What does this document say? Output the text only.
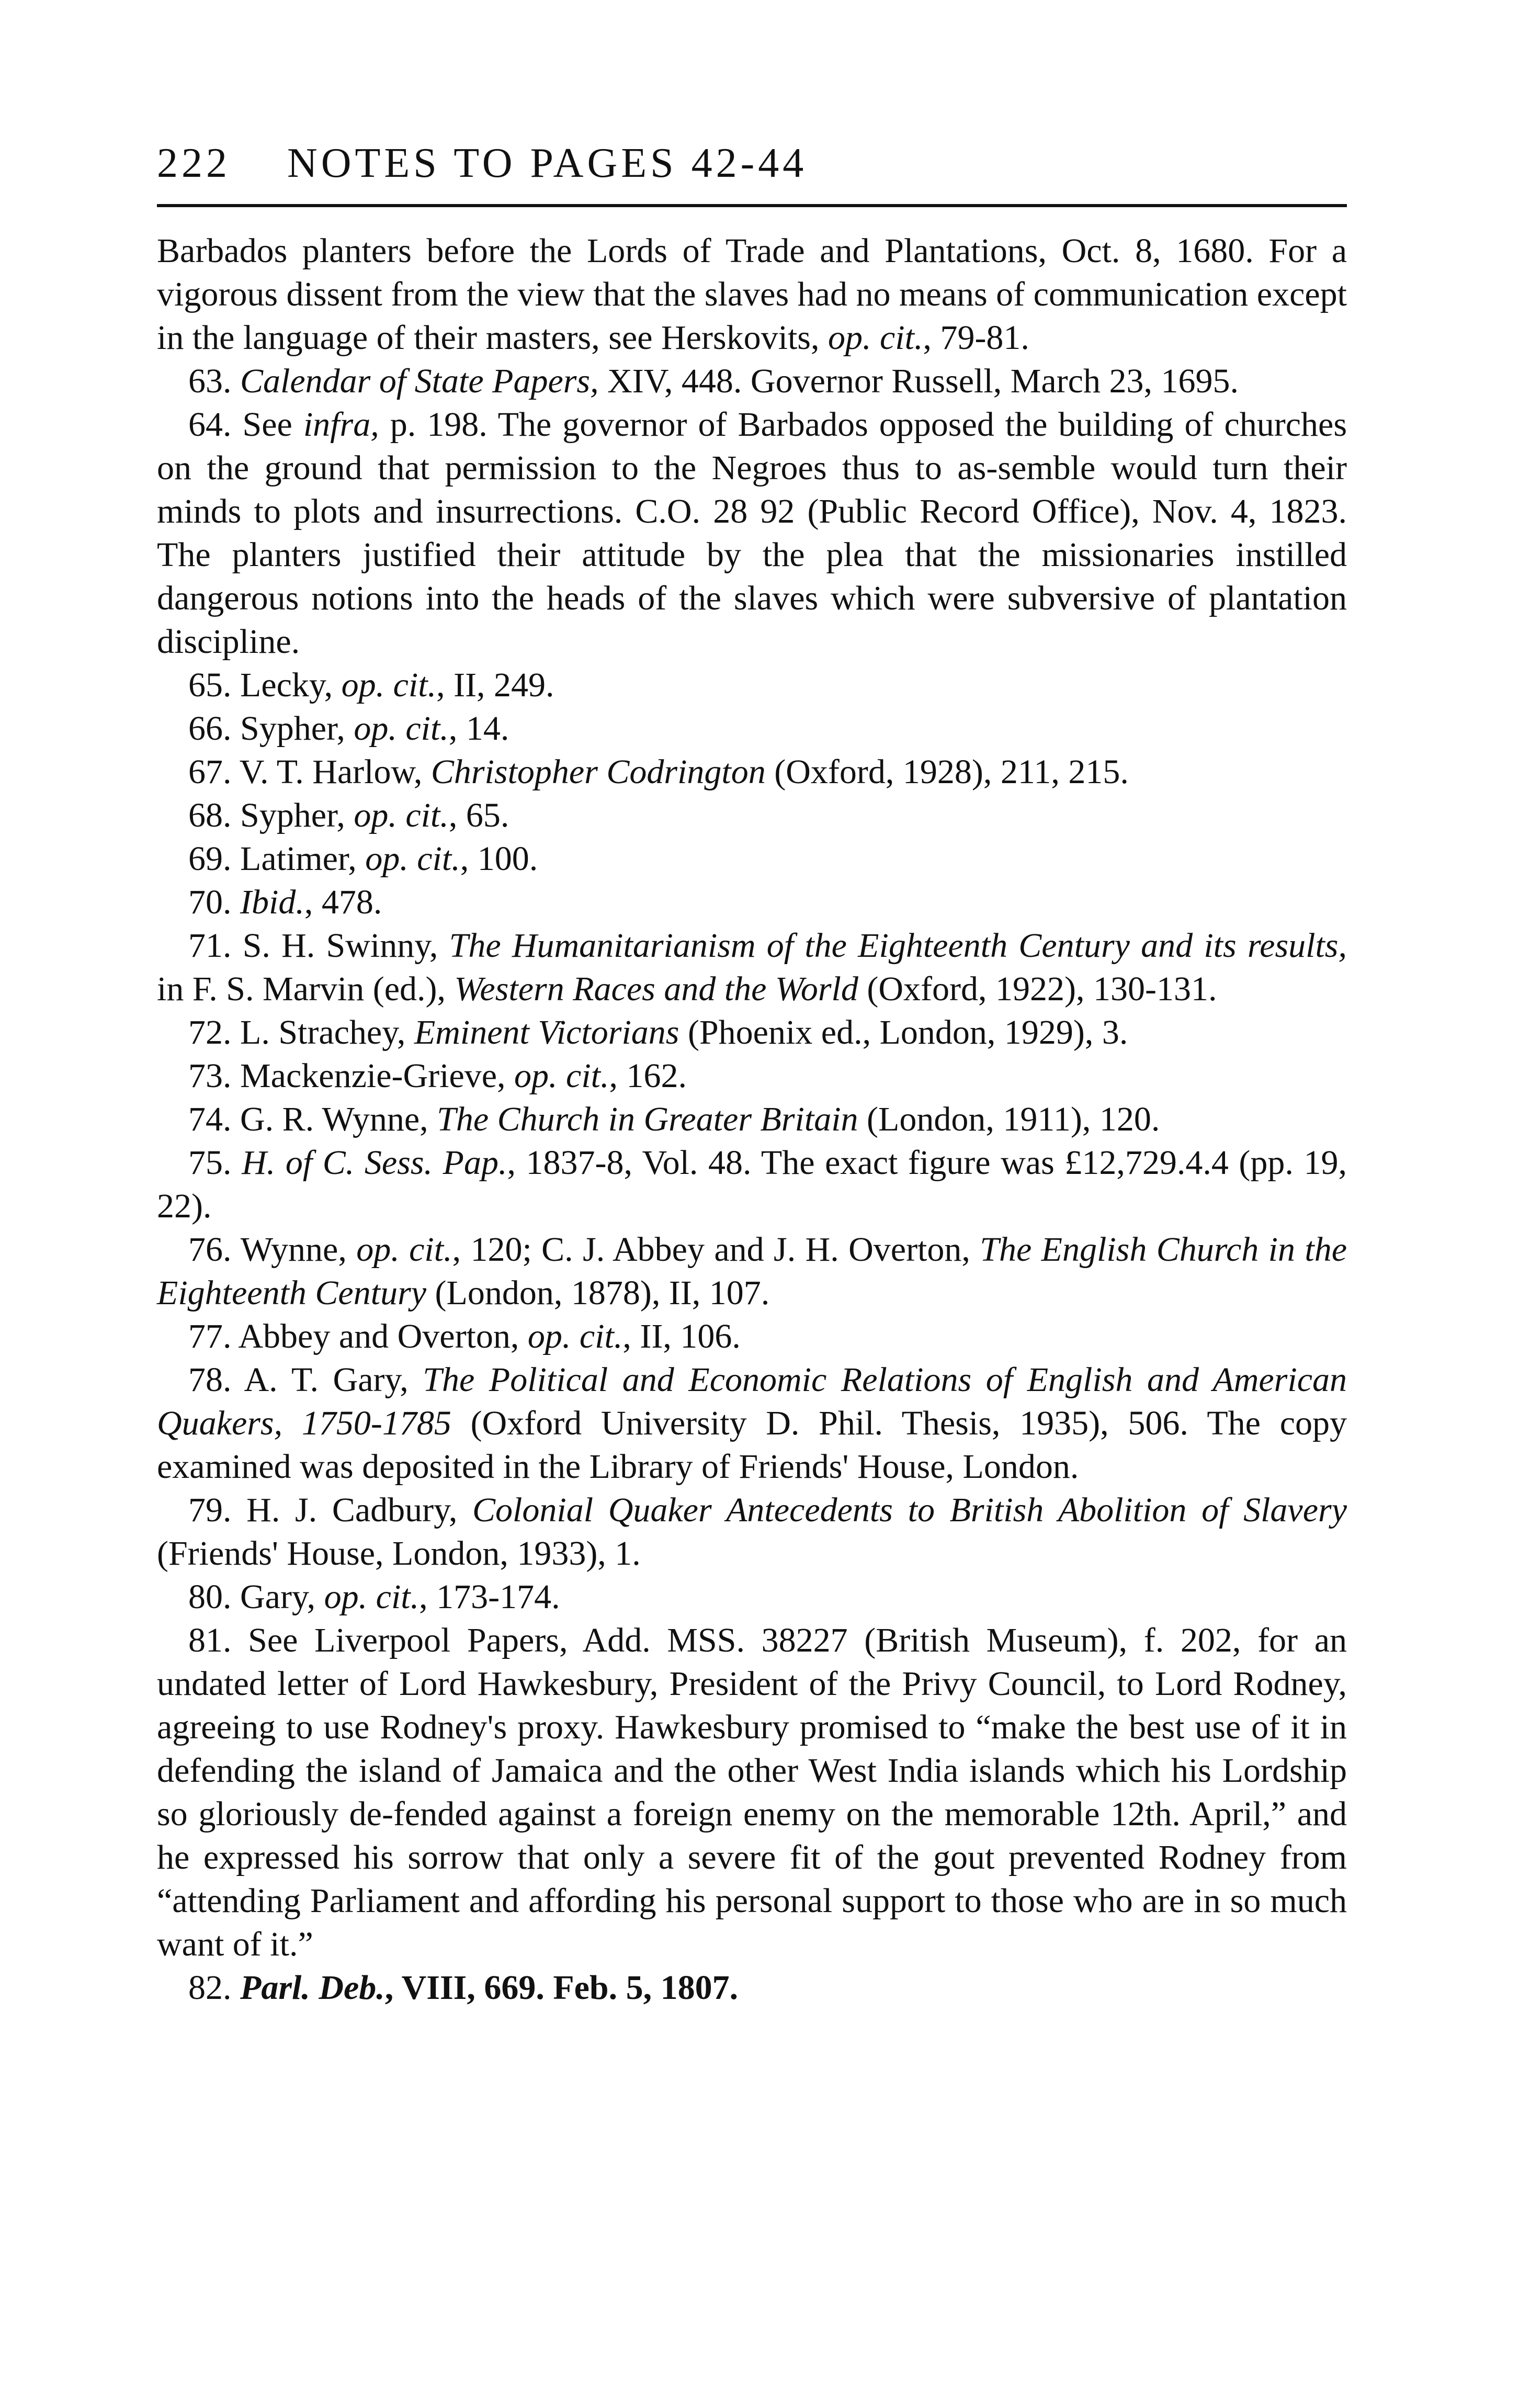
222 NOTES TO PAGES 42-44

Barbados planters before the Lords of Trade and Plantations, Oct. 8, 1680. For a vigorous dissent from the view that the slaves had no means of communication except in the language of their masters, see Herskovits, op. cit., 79-81.

63. Calendar of State Papers, XIV, 448. Governor Russell, March 23, 1695.

64. See infra, p. 198. The governor of Barbados opposed the building of churches on the ground that permission to the Negroes thus to as-semble would turn their minds to plots and insurrections. C.O. 28 92 (Public Record Office), Nov. 4, 1823. The planters justified their attitude by the plea that the missionaries instilled dangerous notions into the heads of the slaves which were subversive of plantation discipline.

65. Lecky, op. cit., II, 249.

66. Sypher, op. cit., 14.

67. V. T. Harlow, Christopher Codrington (Oxford, 1928), 211, 215.

68. Sypher, op. cit., 65.

69. Latimer, op. cit., 100.

70. Ibid., 478.

71. S. H. Swinny, The Humanitarianism of the Eighteenth Century and its results, in F. S. Marvin (ed.), Western Races and the World (Oxford, 1922), 130-131.

72. L. Strachey, Eminent Victorians (Phoenix ed., London, 1929), 3.

73. Mackenzie-Grieve, op. cit., 162.

74. G. R. Wynne, The Church in Greater Britain (London, 1911), 120.

75. H. of C. Sess. Pap., 1837-8, Vol. 48. The exact figure was £12,729.4.4 (pp. 19, 22).

76. Wynne, op. cit., 120; C. J. Abbey and J. H. Overton, The English Church in the Eighteenth Century (London, 1878), II, 107.

77. Abbey and Overton, op. cit., II, 106.

78. A. T. Gary, The Political and Economic Relations of English and American Quakers, 1750-1785 (Oxford University D. Phil. Thesis, 1935), 506. The copy examined was deposited in the Library of Friends' House, London.

79. H. J. Cadbury, Colonial Quaker Antecedents to British Abolition of Slavery (Friends' House, London, 1933), 1.

80. Gary, op. cit., 173-174.

81. See Liverpool Papers, Add. MSS. 38227 (British Museum), f. 202, for an undated letter of Lord Hawkesbury, President of the Privy Council, to Lord Rodney, agreeing to use Rodney's proxy. Hawkesbury promised to “make the best use of it in defending the island of Jamaica and the other West India islands which his Lordship so gloriously de-fended against a foreign enemy on the memorable 12th. April,” and he expressed his sorrow that only a severe fit of the gout prevented Rodney from “attending Parliament and affording his personal support to those who are in so much want of it.”

82. Parl. Deb., VIII, 669. Feb. 5, 1807.
